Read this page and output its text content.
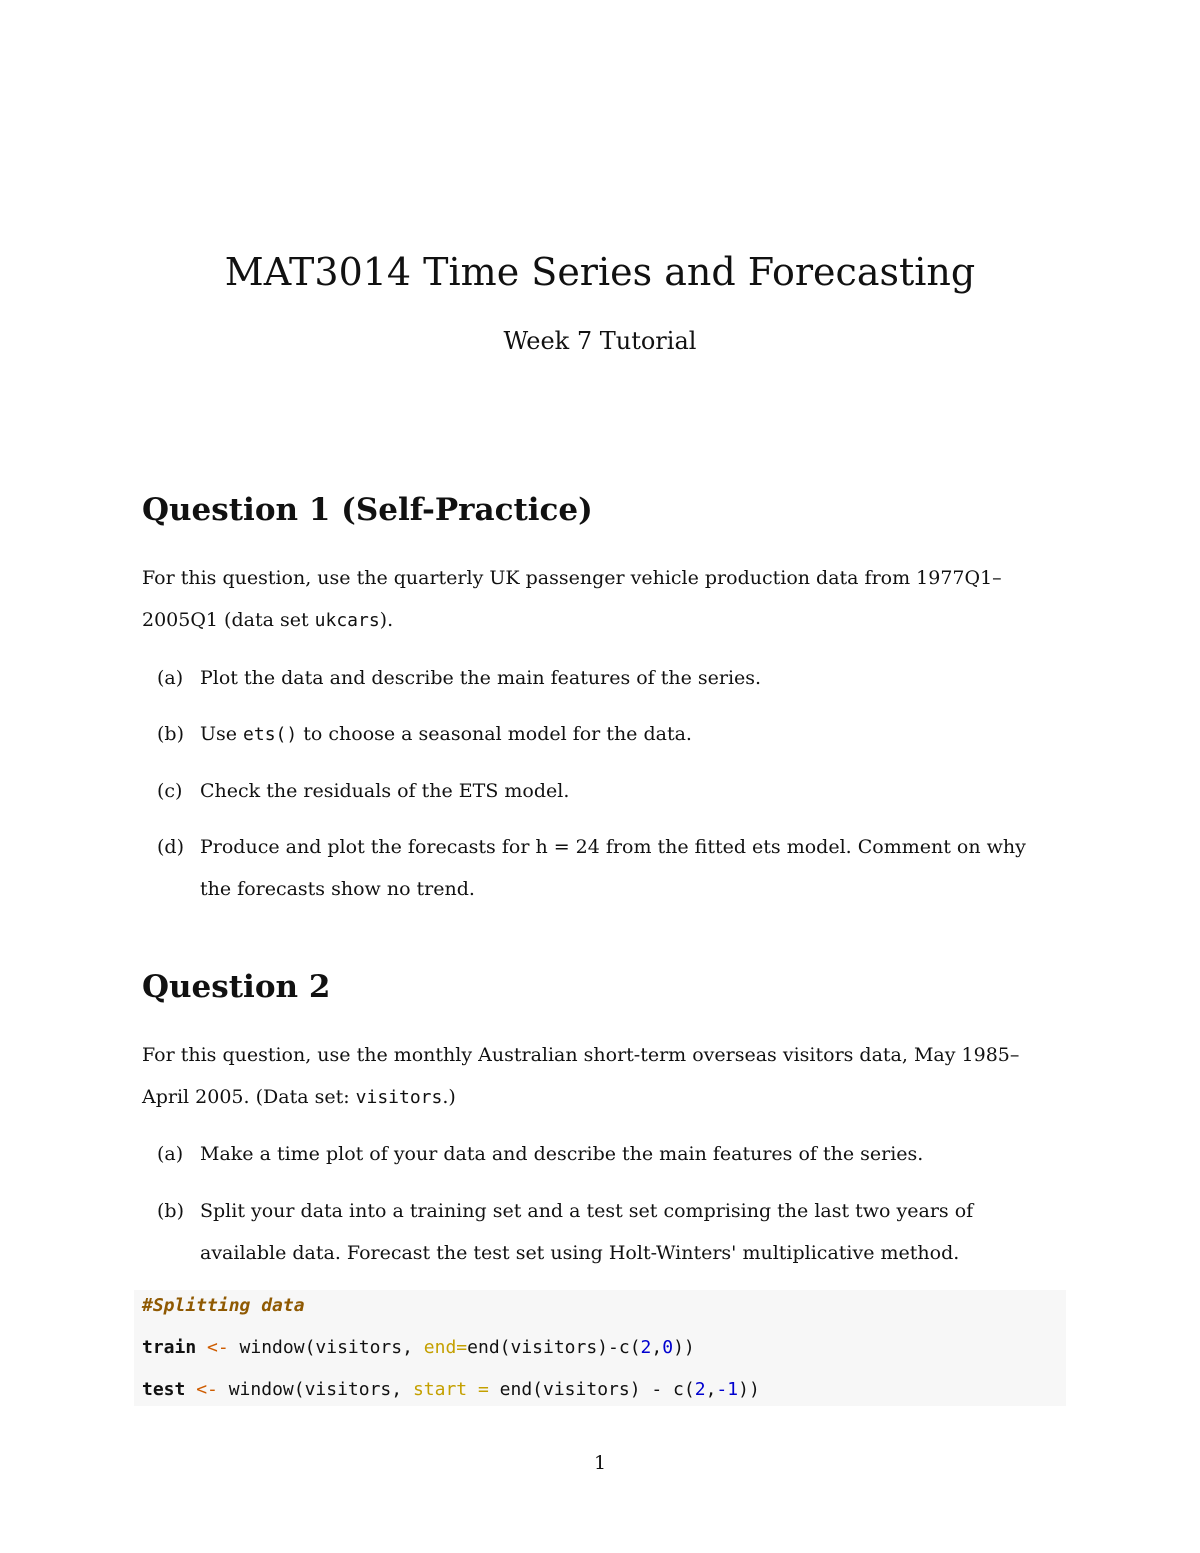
MAT3014 Time Series and Forecasting
Week 7 Tutorial
Question 1 (Self-Practice)
For this question, use the quarterly UK passenger vehicle production data from 1977Q1–
2005Q1 (data set ukcars).
(a) Plot the data and describe the main features of the series.
(b) Use ets() to choose a seasonal model for the data.
(c) Check the residuals of the ETS model.
(d) Produce and plot the forecasts for h = 24 from the fitted ets model. Comment on why
the forecasts show no trend.
Question 2
For this question, use the monthly Australian short-term overseas visitors data, May 1985–
April 2005. (Data set: visitors.)
(a) Make a time plot of your data and describe the main features of the series.
(b) Split your data into a training set and a test set comprising the last two years of
available data. Forecast the test set using Holt-Winters' multiplicative method.
#Splitting data
train <- window(visitors, end=end(visitors)-c(2,0))
test <- window(visitors, start = end(visitors) - c(2,-1))
1
